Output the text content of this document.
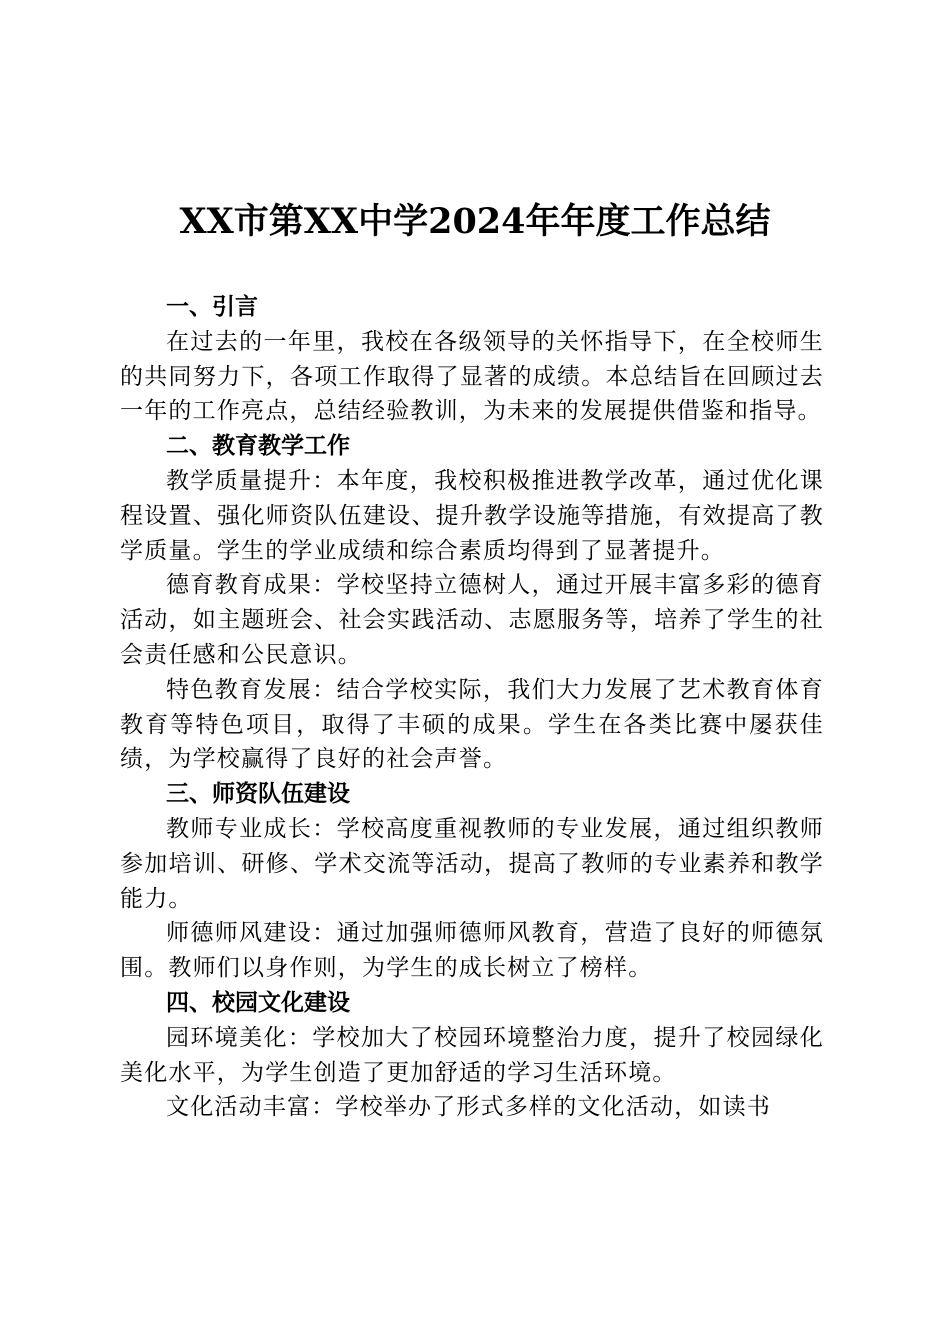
XX市第XX中学2024年年度工作总结

一、引言

在过去的一年里，我校在各级领导的关怀指导下，在全校师生的共同努力下，各项工作取得了显著的成绩。本总结旨在回顾过去一年的工作亮点，总结经验教训，为未来的发展提供借鉴和指导。

二、教育教学工作

教学质量提升：本年度，我校积极推进教学改革，通过优化课程设置、强化师资队伍建设、提升教学设施等措施，有效提高了教学质量。学生的学业成绩和综合素质均得到了显著提升。

德育教育成果：学校坚持立德树人，通过开展丰富多彩的德育活动，如主题班会、社会实践活动、志愿服务等，培养了学生的社会责任感和公民意识。

特色教育发展：结合学校实际，我们大力发展了艺术教育体育教育等特色项目，取得了丰硕的成果。学生在各类比赛中屡获佳绩，为学校赢得了良好的社会声誉。

三、师资队伍建设

教师专业成长：学校高度重视教师的专业发展，通过组织教师参加培训、研修、学术交流等活动，提高了教师的专业素养和教学能力。

师德师风建设：通过加强师德师风教育，营造了良好的师德氛围。教师们以身作则，为学生的成长树立了榜样。

四、校园文化建设

园环境美化：学校加大了校园环境整治力度，提升了校园绿化美化水平，为学生创造了更加舒适的学习生活环境。

文化活动丰富：学校举办了形式多样的文化活动，如读书
